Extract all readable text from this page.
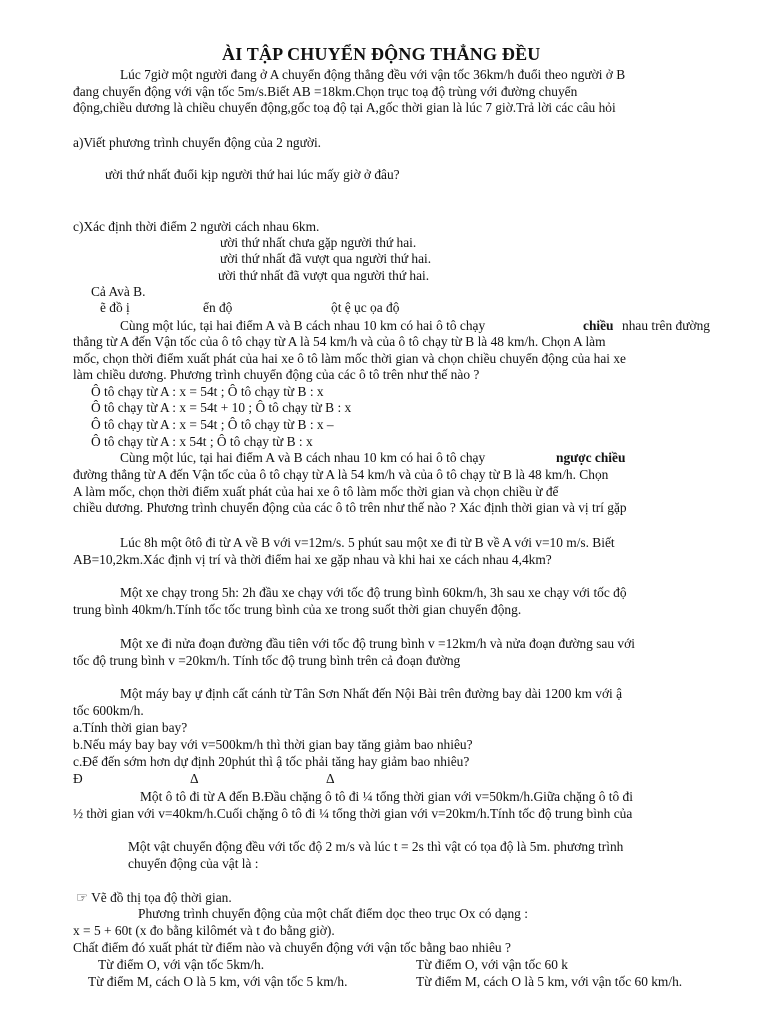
ÀI TẬP CHUYỂN ĐỘNG THẲNG ĐỀU
Lúc 7giờ một người đang ở A chuyển động thẳng đều với vận tốc 36km/h đuổi theo người ở B
đang chuyển động với vận tốc 5m/s.Biết AB =18km.Chọn trục toạ độ trùng với đường chuyển
động,chiều dương là chiều chuyển động,gốc toạ độ tại A,gốc thời gian là lúc 7 giờ.Trả lời các câu hỏi
a)Viết phương trình chuyển động của 2 người.
ười thứ nhất đuổi kịp người thứ hai lúc mấy giờ ở đâu?
c)Xác định thời điểm 2 người cách nhau 6km.
ười thứ nhất chưa gặp người thứ hai.
ười thứ nhất đã vượt qua người thứ hai.
ười thứ nhất đã vượt qua người thứ hai.
Cả Avà B.
ẽ đồ ị	ển độ	ột ệ ục ọa độ
Cùng một lúc, tại hai điểm A và B cách nhau 10 km có hai ô tô chạy	chiều nhau trên đường
thẳng từ A đến Vận tốc của ô tô chạy từ A là 54 km/h và của ô tô chạy từ B là 48 km/h. Chọn A làm
mốc, chọn thời điểm xuất phát của hai xe ô tô làm mốc thời gian và chọn chiều chuyển động của hai xe
làm chiều dương. Phương trình chuyển động của các ô tô trên như thế nào ?
Ô tô chạy từ A : x = 54t ; Ô tô chạy từ B : x
Ô tô chạy từ A : x = 54t + 10 ; Ô tô chạy từ B : x
Ô tô chạy từ A : x = 54t ; Ô tô chạy từ B : x –
Ô tô chạy từ A : x 54t ; Ô tô chạy từ B : x
Cùng một lúc, tại hai điểm A và B cách nhau 10 km có hai ô tô chạy	ngược chiều
đường thẳng từ A đến Vận tốc của ô tô chạy từ A là 54 km/h và của ô tô chạy từ B là 48 km/h. Chọn
A làm mốc, chọn thời điểm xuất phát của hai xe ô tô làm mốc thời gian và chọn chiều ừ để
chiều dương. Phương trình chuyển động của các ô tô trên như thế nào ? Xác định thời gian và vị trí gặp
Lúc 8h một ôtô đi từ A về B với v=12m/s. 5 phút sau một xe đi từ B về A với v=10 m/s. Biết
AB=10,2km.Xác định vị trí và thời điểm hai xe gặp nhau và khi hai xe cách nhau 4,4km?
Một xe chạy trong 5h: 2h đầu xe chạy với tốc độ trung bình 60km/h, 3h sau xe chạy với tốc độ
trung bình 40km/h.Tính tốc tốc trung bình của xe trong suốt thời gian chuyển động.
Một xe đi nửa đoạn đường đầu tiên với tốc độ trung bình v =12km/h và nửa đoạn đường sau với
tốc độ trung bình v =20km/h. Tính tốc độ trung bình trên cả đoạn đường
Một máy bay ự định cất cánh từ Tân Sơn Nhất đến Nội Bài trên đường bay dài 1200 km với ậ
tốc 600km/h.
a.Tính thời gian bay?
b.Nếu máy bay bay với v=500km/h thì thời gian bay tăng giảm bao nhiêu?
c.Để đến sớm hơn dự định 20phút thì ậ tốc phải tăng hay giảm bao nhiêu?
Đ	Δ	Δ
Một ô tô đi từ A đến B.Đầu chặng ô tô đi ¼ tổng thời gian với v=50km/h.Giữa chặng ô tô đi
½ thời gian với v=40km/h.Cuối chặng ô tô đi ¼ tổng thời gian với v=20km/h.Tính tốc độ trung bình của
Một vật chuyển động đều với tốc độ 2 m/s và lúc t = 2s thì vật có tọa độ là 5m. phương trình
chuyển động của vật là :
☞ Vẽ đồ thị tọa độ thời gian.
Phương trình chuyển động của một chất điểm dọc theo trục Ox có dạng :
x = 5 + 60t (x đo bằng kilômét và t đo bằng giờ).
Chất điểm đó xuất phát từ điểm nào và chuyển động với vận tốc bằng bao nhiêu ?
Từ điểm O, với vận tốc 5km/h.	Từ điểm O, với vận tốc 60 k
Từ điểm M, cách O là 5 km, với vận tốc 5 km/h.	Từ điểm M, cách O là 5 km, với vận tốc 60 km/h.
